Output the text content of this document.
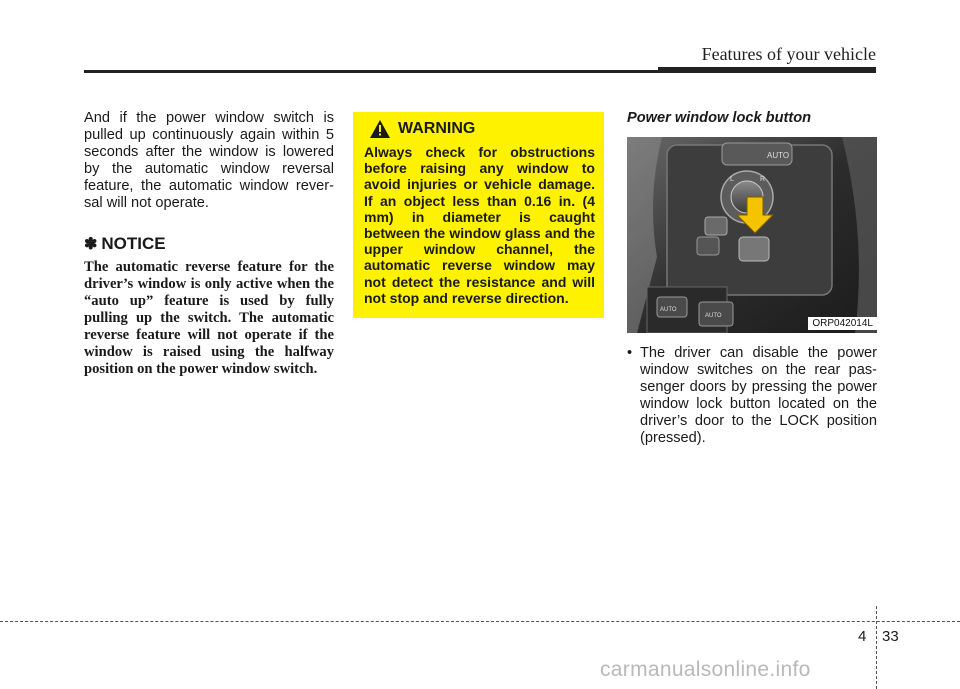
Features of your vehicle

And if the power window switch is pulled up continuously again within 5 seconds after the window is lowered by the automatic window reversal feature, the automatic window rever-sal will not operate.

✽ NOTICE

The automatic reverse feature for the driver’s window is only active when the “auto up” feature is used by fully pulling up the switch. The automatic reverse feature will not operate if the window is raised using the halfway position on the power window switch.

WARNING

Always check for obstructions before raising any window to avoid injuries or vehicle damage. If an object less than 0.16 in. (4 mm) in diameter is caught between the window glass and the upper window channel, the automatic reverse window may not detect the resistance and will not stop and reverse direction.

Power window lock button

AUTO
L	R
AUTO
AUTO
ORP042014L
• The driver can disable the power window switches on the rear pas-senger doors by pressing the power window lock button located on the driver’s door to the LOCK position (pressed).
4 33
carmanualsonline.info
